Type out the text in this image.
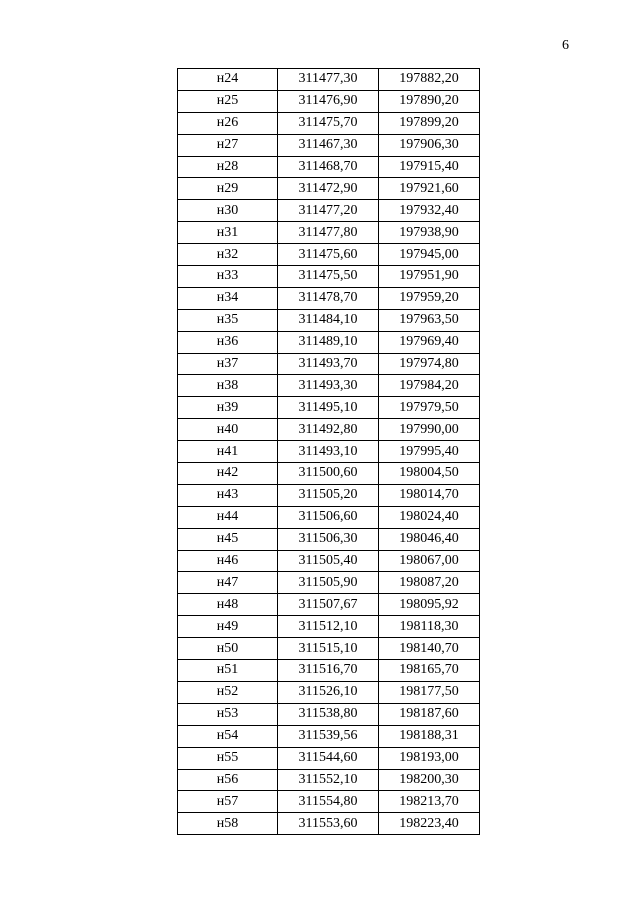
6
н24	311477,30	197882,20
н25	311476,90	197890,20
н26	311475,70	197899,20
н27	311467,30	197906,30
н28	311468,70	197915,40
н29	311472,90	197921,60
н30	311477,20	197932,40
н31	311477,80	197938,90
н32	311475,60	197945,00
н33	311475,50	197951,90
н34	311478,70	197959,20
н35	311484,10	197963,50
н36	311489,10	197969,40
н37	311493,70	197974,80
н38	311493,30	197984,20
н39	311495,10	197979,50
н40	311492,80	197990,00
н41	311493,10	197995,40
н42	311500,60	198004,50
н43	311505,20	198014,70
н44	311506,60	198024,40
н45	311506,30	198046,40
н46	311505,40	198067,00
н47	311505,90	198087,20
н48	311507,67	198095,92
н49	311512,10	198118,30
н50	311515,10	198140,70
н51	311516,70	198165,70
н52	311526,10	198177,50
н53	311538,80	198187,60
н54	311539,56	198188,31
н55	311544,60	198193,00
н56	311552,10	198200,30
н57	311554,80	198213,70
н58	311553,60	198223,40
